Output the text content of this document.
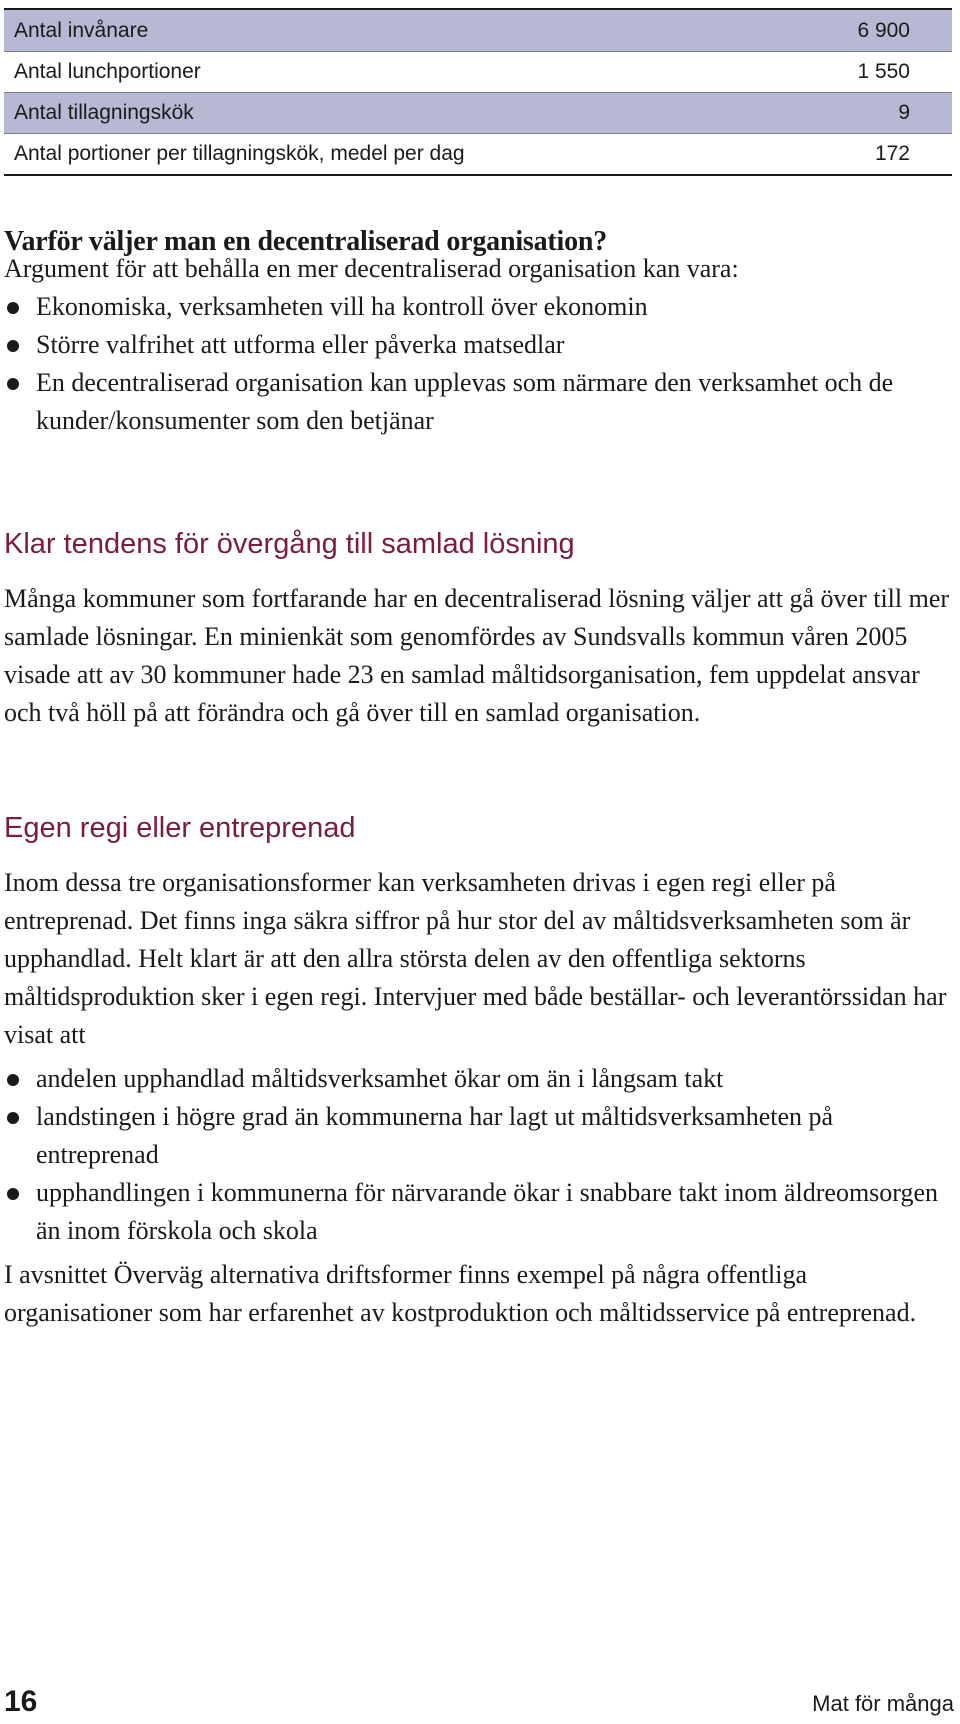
Antal invånare	6 900
Antal lunchportioner	1 550
Antal tillagningskök	9
Antal portioner per tillagningskök, medel per dag	172
Varför väljer man en decentraliserad organisation?

Argument för att behålla en mer decentraliserad organisation kan vara:

Ekonomiska, verksamheten vill ha kontroll över ekonomin
Större valfrihet att utforma eller påverka matsedlar
En decentraliserad organisation kan upplevas som närmare den verksamhet och de kunder/konsumenter som den betjänar
Klar tendens för övergång till samlad lösning

Många kommuner som fortfarande har en decentraliserad lösning väljer att gå över till mer samlade lösningar. En minienkät som genomfördes av Sundsvalls kommun våren 2005 visade att av 30 kommuner hade 23 en samlad måltidsorganisation, fem uppdelat ansvar och två höll på att förändra och gå över till en samlad organisation.

Egen regi eller entreprenad

Inom dessa tre organisationsformer kan verksamheten drivas i egen regi eller på entreprenad. Det finns inga säkra siffror på hur stor del av måltidsverksamheten som är upphandlad. Helt klart är att den allra största delen av den offentliga sektorns måltidsproduktion sker i egen regi. Intervjuer med både beställar- och leverantörssidan har visat att

andelen upphandlad måltidsverksamhet ökar om än i långsam takt
landstingen i högre grad än kommunerna har lagt ut måltidsverksamheten på entreprenad
upphandlingen i kommunerna för närvarande ökar i snabbare takt inom äldreomsorgen än inom förskola och skola

I avsnittet Överväg alternativa driftsformer finns exempel på några offentliga organisationer som har erfarenhet av kostproduktion och måltidsservice på entreprenad.

16	Mat för många
